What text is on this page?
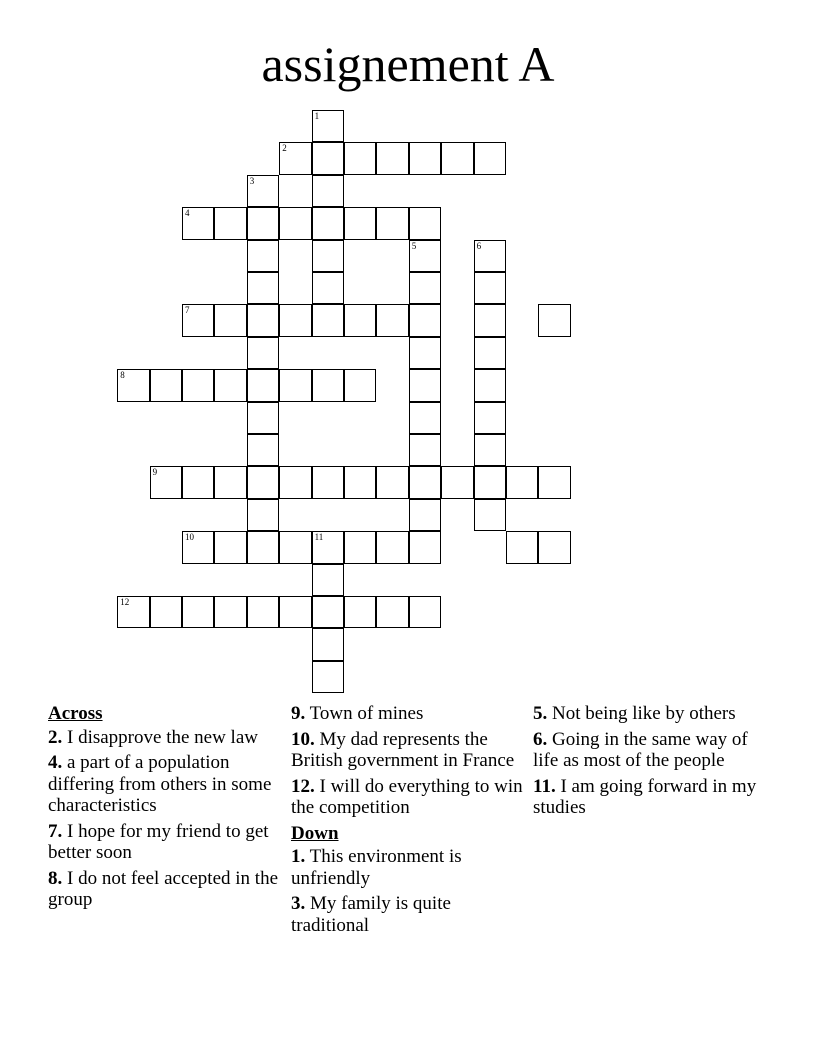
assignement A
1
2
3
4
5	6
7
8
9
10	11
12
Across
2. I disapprove the new law
4. a part of a population differing from others in some characteristics
7. I hope for my friend to get better soon
8. I do not feel accepted in the group
9. Town of mines
10. My dad represents the British government in France
12. I will do everything to win the competition
Down
1. This environment is unfriendly
3. My family is quite traditional
5. Not being like by others
6. Going in the same way of life as most of the people
11. I am going forward in my studies
